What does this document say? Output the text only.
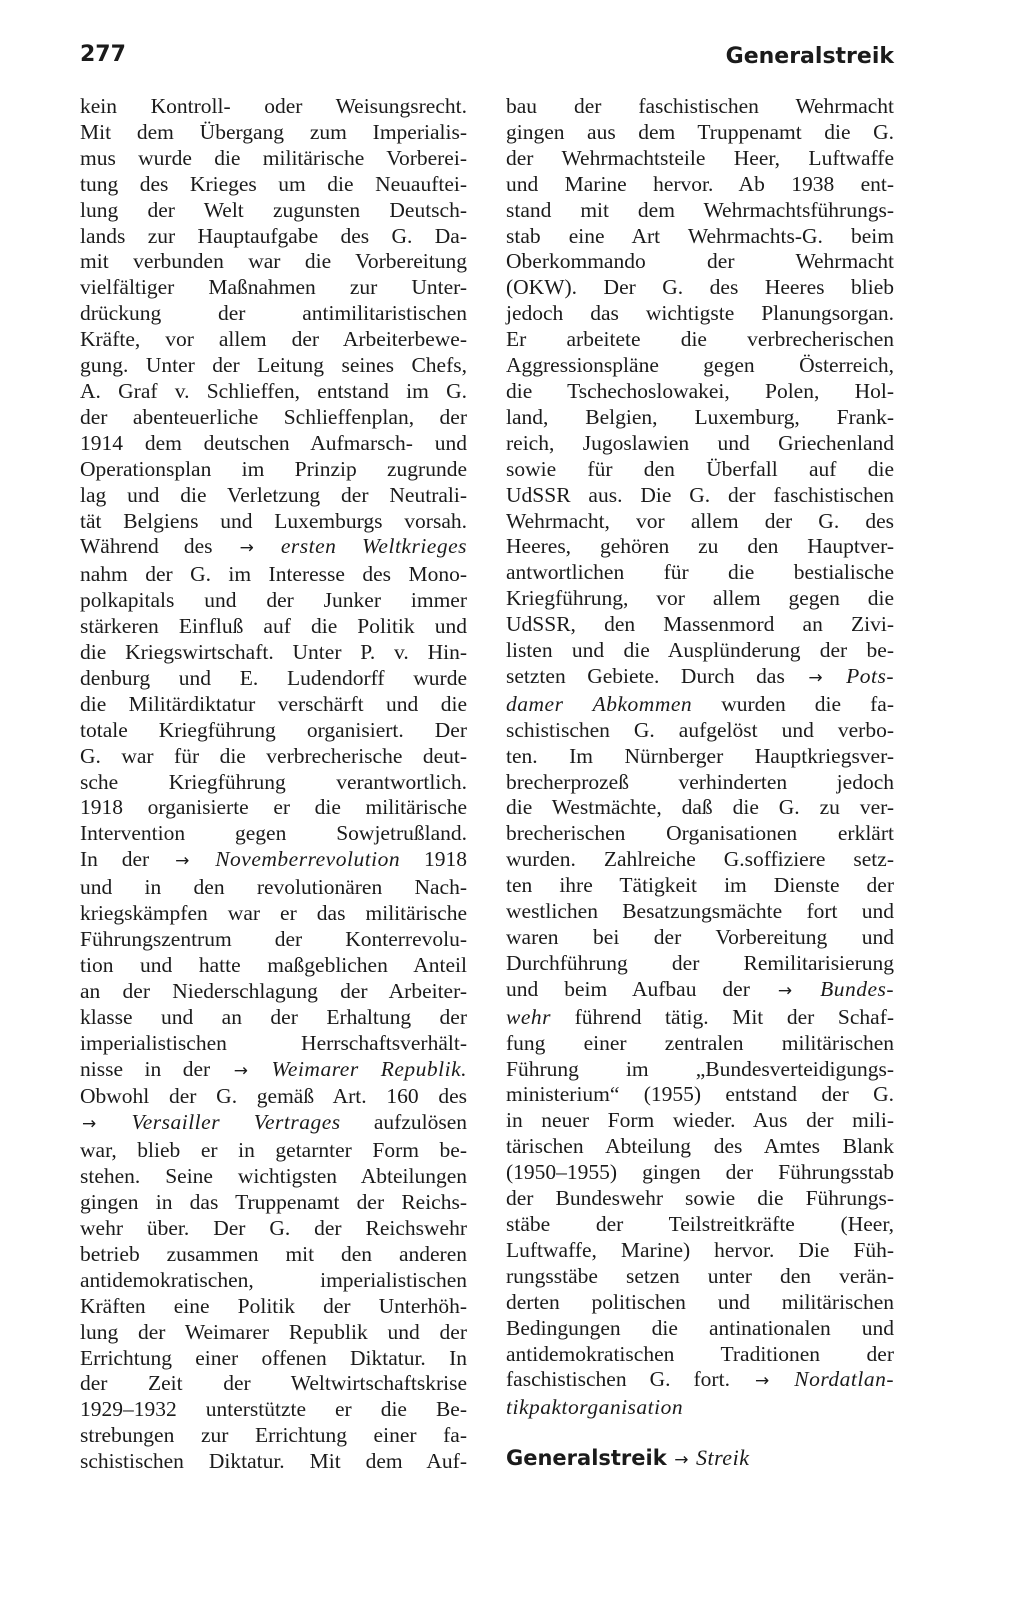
277	Generalstreik
kein Kontroll- oder Weisungsrecht.
Mit dem Übergang zum Imperialis-
mus wurde die militärische Vorberei-
tung des Krieges um die Neuauftei-
lung der Welt zugunsten Deutsch-
lands zur Hauptaufgabe des G. Da-
mit verbunden war die Vorbereitung
vielfältiger Maßnahmen zur Unter-
drückung der antimilitaristischen
Kräfte, vor allem der Arbeiterbewe-
gung. Unter der Leitung seines Chefs,
A. Graf v. Schlieffen, entstand im G.
der abenteuerliche Schlieffenplan, der
1914 dem deutschen Aufmarsch- und
Operationsplan im Prinzip zugrunde
lag und die Verletzung der Neutrali-
tät Belgiens und Luxemburgs vorsah.
Während des → ersten Weltkrieges
nahm der G. im Interesse des Mono-
polkapitals und der Junker immer
stärkeren Einfluß auf die Politik und
die Kriegswirtschaft. Unter P. v. Hin-
denburg und E. Ludendorff wurde
die Militärdiktatur verschärft und die
totale Kriegführung organisiert. Der
G. war für die verbrecherische deut-
sche Kriegführung verantwortlich.
1918 organisierte er die militärische
Intervention gegen Sowjetrußland.
In der → Novemberrevolution 1918
und in den revolutionären Nach-
kriegskämpfen war er das militärische
Führungszentrum der Konterrevolu-
tion und hatte maßgeblichen Anteil
an der Niederschlagung der Arbeiter-
klasse und an der Erhaltung der
imperialistischen Herrschaftsverhält-
nisse in der → Weimarer Republik.
Obwohl der G. gemäß Art. 160 des
→ Versailler Vertrages aufzulösen
war, blieb er in getarnter Form be-
stehen. Seine wichtigsten Abteilungen
gingen in das Truppenamt der Reichs-
wehr über. Der G. der Reichswehr
betrieb zusammen mit den anderen
antidemokratischen, imperialistischen
Kräften eine Politik der Unterhöh-
lung der Weimarer Republik und der
Errichtung einer offenen Diktatur. In
der Zeit der Weltwirtschaftskrise
1929–1932 unterstützte er die Be-
strebungen zur Errichtung einer fa-
schistischen Diktatur. Mit dem Auf-
bau der faschistischen Wehrmacht
gingen aus dem Truppenamt die G.
der Wehrmachtsteile Heer, Luftwaffe
und Marine hervor. Ab 1938 ent-
stand mit dem Wehrmachtsführungs-
stab eine Art Wehrmachts-G. beim
Oberkommando der Wehrmacht
(OKW). Der G. des Heeres blieb
jedoch das wichtigste Planungsorgan.
Er arbeitete die verbrecherischen
Aggressionspläne gegen Österreich,
die Tschechoslowakei, Polen, Hol-
land, Belgien, Luxemburg, Frank-
reich, Jugoslawien und Griechenland
sowie für den Überfall auf die
UdSSR aus. Die G. der faschistischen
Wehrmacht, vor allem der G. des
Heeres, gehören zu den Hauptver-
antwortlichen für die bestialische
Kriegführung, vor allem gegen die
UdSSR, den Massenmord an Zivi-
listen und die Ausplünderung der be-
setzten Gebiete. Durch das → Pots-
damer Abkommen wurden die fa-
schistischen G. aufgelöst und verbo-
ten. Im Nürnberger Hauptkriegsver-
brecherprozeß verhinderten jedoch
die Westmächte, daß die G. zu ver-
brecherischen Organisationen erklärt
wurden. Zahlreiche G.soffiziere setz-
ten ihre Tätigkeit im Dienste der
westlichen Besatzungsmächte fort und
waren bei der Vorbereitung und
Durchführung der Remilitarisierung
und beim Aufbau der → Bundes-
wehr führend tätig. Mit der Schaf-
fung einer zentralen militärischen
Führung im „Bundesverteidigungs-
ministerium“ (1955) entstand der G.
in neuer Form wieder. Aus der mili-
tärischen Abteilung des Amtes Blank
(1950–1955) gingen der Führungsstab
der Bundeswehr sowie die Führungs-
stäbe der Teilstreitkräfte (Heer,
Luftwaffe, Marine) hervor. Die Füh-
rungsstäbe setzen unter den verän-
derten politischen und militärischen
Bedingungen die antinationalen und
antidemokratischen Traditionen der
faschistischen G. fort. → Nordatlan-
tikpaktorganisation
Generalstreik → Streik
